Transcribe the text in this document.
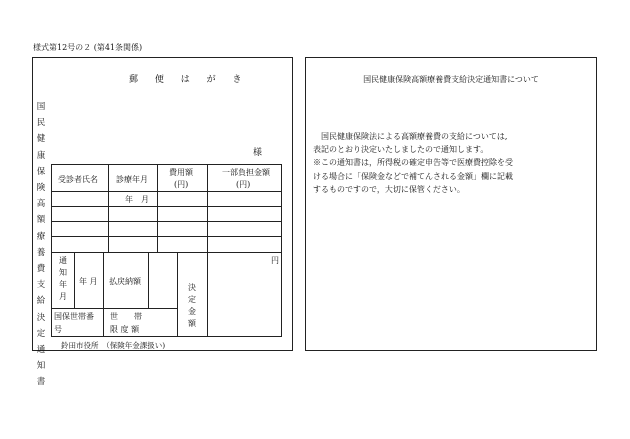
様式第12号の２ (第41条関係)
郵 便 は が き
国
民
健
康
保
険
高
額
療
養
費
支
給
決
定
通
知
書
様
受診者氏名 診療年月
費用額
(円)
一部負担金額
(円)
年　月
通
知
年
月
年 月 払戻納額
決
定
金
額
円
国保世帯番
号
世　　帯
限 度 額
鈴田市役所　（保険年金課扱い)
国民健康保険高額療養費支給決定通知書について

国民健康保険法による高額療養費の支給については,

表記のとおり決定いたしましたので通知します。

※この通知書は，所得税の確定申告等で医療費控除を受

ける場合に「保険金などで補てんされる金額」欄に記載

するものですので，大切に保管ください。
